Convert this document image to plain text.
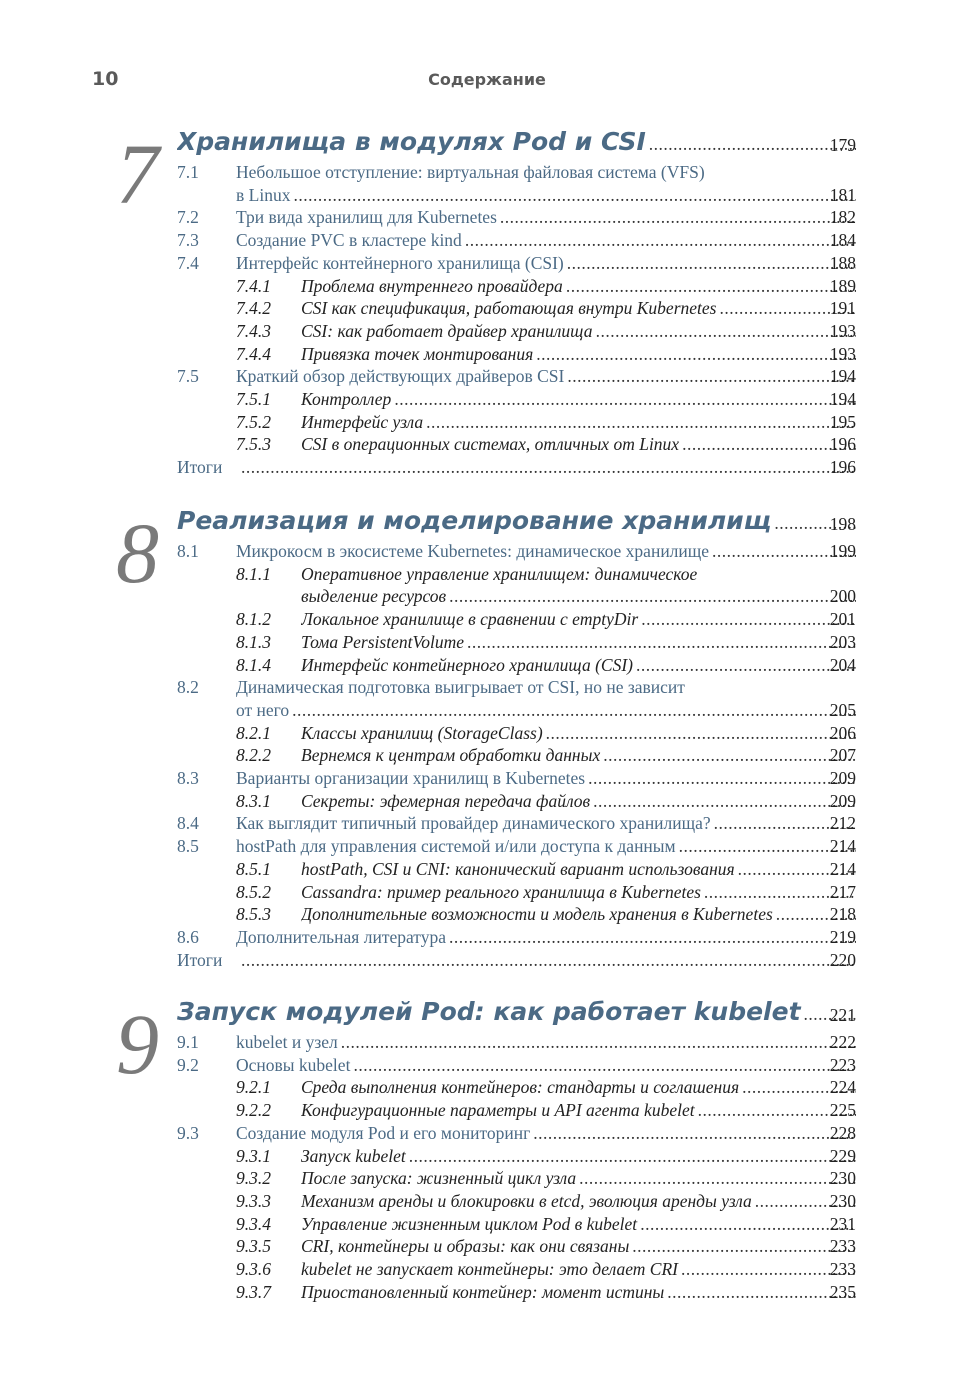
10	Содержание
7 Хранилища в модулях Pod и CSI .....	179
7.1 Небольшое отступление: виртуальная файловая система (VFS)
в Linux .....	181
7.2 Три вида хранилищ для Kubernetes .....	182
7.3 Создание PVC в кластере kind .....	184
7.4 Интерфейс контейнерного хранилища (CSI) .....	188
7.4.1 Проблема внутреннего провайдера .....	189
7.4.2 CSI как спецификация, работающая внутри Kubernetes .....	191
7.4.3 CSI: как работает драйвер хранилища .....	193
7.4.4 Привязка точек монтирования .....	193
7.5 Краткий обзор действующих драйверов CSI .....	194
7.5.1 Контроллер .....	194
7.5.2 Интерфейс узла .....	195
7.5.3 CSI в операционных системах, отличных от Linux .....	196
Итоги .....	196
8 Реализация и моделирование хранилищ .....	198
8.1 Микрокосм в экосистеме Kubernetes: динамическое хранилище .....	199
8.1.1 Оперативное управление хранилищем: динамическое
выделение ресурсов .....	200
8.1.2 Локальное хранилище в сравнении с emptyDir .....	201
8.1.3 Тома PersistentVolume .....	203
8.1.4 Интерфейс контейнерного хранилища (CSI) .....	204
8.2 Динамическая подготовка выигрывает от CSI, но не зависит
от него .....	205
8.2.1 Классы хранилищ (StorageClass) .....	206
8.2.2 Вернемся к центрам обработки данных .....	207
8.3 Варианты организации хранилищ в Kubernetes .....	209
8.3.1 Секреты: эфемерная передача файлов .....	209
8.4 Как выглядит типичный провайдер динамического хранилища? .....	212
8.5 hostPath для управления системой и/или доступа к данным .....	214
8.5.1 hostPath, CSI и CNI: канонический вариант использования .....	214
8.5.2 Cassandra: пример реального хранилища в Kubernetes .....	217
8.5.3 Дополнительные возможности и модель хранения в Kubernetes .....	218
8.6 Дополнительная литература .....	219
Итоги .....	220
9 Запуск модулей Pod: как работает kubelet ..... 221
9.1 kubelet и узел .....	222
9.2 Основы kubelet .....	223
9.2.1 Среда выполнения контейнеров: стандарты и соглашения .....	224
9.2.2 Конфигурационные параметры и API агента kubelet .....	225
9.3 Создание модуля Pod и его мониторинг .....	228
9.3.1 Запуск kubelet .....	229
9.3.2 После запуска: жизненный цикл узла .....	230
9.3.3 Механизм аренды и блокировки в etcd, эволюция аренды узла .....	230
9.3.4 Управление жизненным циклом Pod в kubelet .....	231
9.3.5 CRI, контейнеры и образы: как они связаны .....	233
9.3.6 kubelet не запускает контейнеры: это делает CRI .....	233
9.3.7 Приостановленный контейнер: момент истины .....	235
